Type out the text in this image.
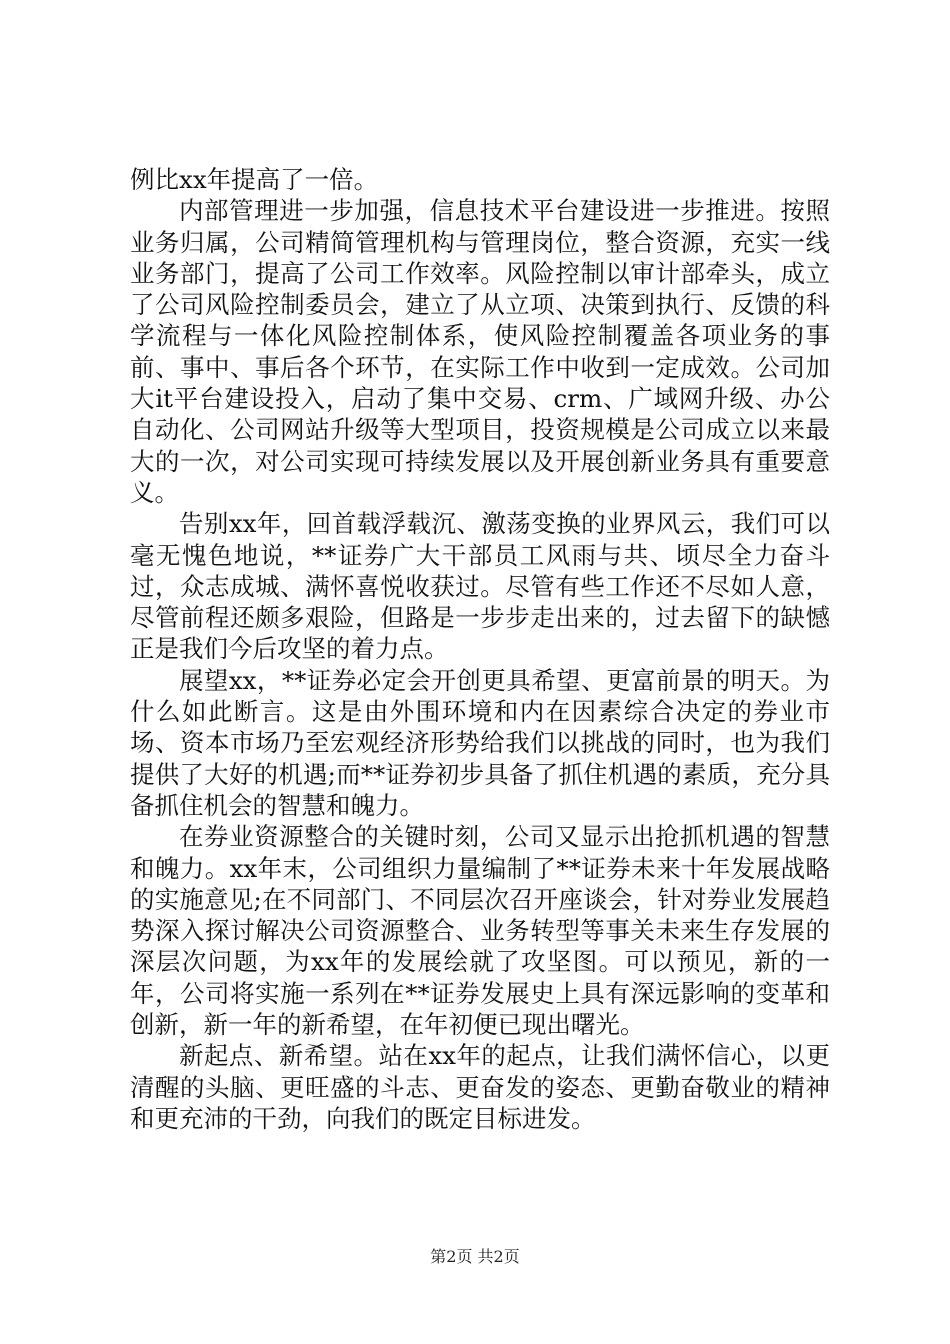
例比xx年提高了一倍。

内部管理进一步加强，信息技术平台建设进一步推进。按照业务归属，公司精简管理机构与管理岗位，整合资源，充实一线业务部门，提高了公司工作效率。风险控制以审计部牵头，成立了公司风险控制委员会，建立了从立项、决策到执行、反馈的科学流程与一体化风险控制体系，使风险控制覆盖各项业务的事前、事中、事后各个环节，在实际工作中收到一定成效。公司加大it平台建设投入，启动了集中交易、crm、广域网升级、办公自动化、公司网站升级等大型项目，投资规模是公司成立以来最大的一次，对公司实现可持续发展以及开展创新业务具有重要意义。

告别xx年，回首载浮载沉、激荡变换的业界风云，我们可以毫无愧色地说，**证券广大干部员工风雨与共、顷尽全力奋斗过，众志成城、满怀喜悦收获过。尽管有些工作还不尽如人意，尽管前程还颇多艰险，但路是一步步走出来的，过去留下的缺憾正是我们今后攻坚的着力点。

展望xx，**证券必定会开创更具希望、更富前景的明天。为什么如此断言。这是由外围环境和内在因素综合决定的券业市场、资本市场乃至宏观经济形势给我们以挑战的同时，也为我们提供了大好的机遇;而**证券初步具备了抓住机遇的素质，充分具备抓住机会的智慧和魄力。

在券业资源整合的关键时刻，公司又显示出抢抓机遇的智慧和魄力。xx年末，公司组织力量编制了**证券未来十年发展战略的实施意见;在不同部门、不同层次召开座谈会，针对券业发展趋势深入探讨解决公司资源整合、业务转型等事关未来生存发展的深层次问题，为xx年的发展绘就了攻坚图。可以预见，新的一年，公司将实施一系列在**证券发展史上具有深远影响的变革和创新，新一年的新希望，在年初便已现出曙光。

新起点、新希望。站在xx年的起点，让我们满怀信心，以更清醒的头脑、更旺盛的斗志、更奋发的姿态、更勤奋敬业的精神和更充沛的干劲，向我们的既定目标进发。

第2页 共2页
